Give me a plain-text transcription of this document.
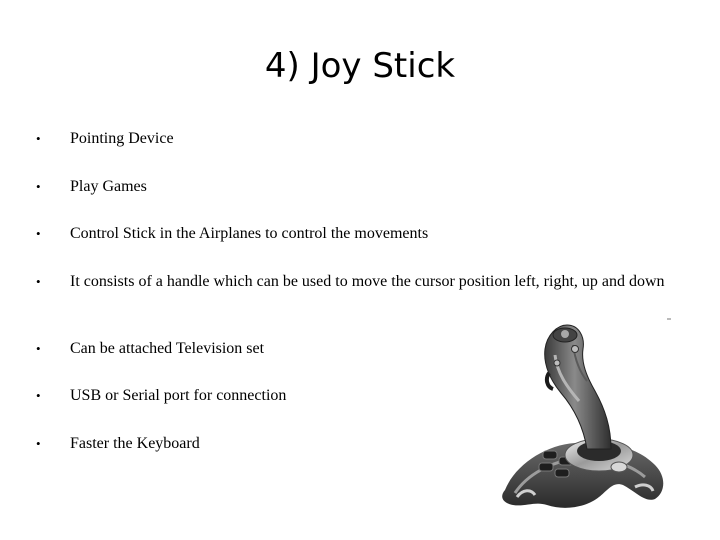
4) Joy Stick
• Pointing Device
• Play Games
• Control Stick in the Airplanes to control the movements
• It consists of a handle which can be used to move the cursor position left, right, up and down
• Can be attached Television set
• USB or Serial port for connection
• Faster the Keyboard
